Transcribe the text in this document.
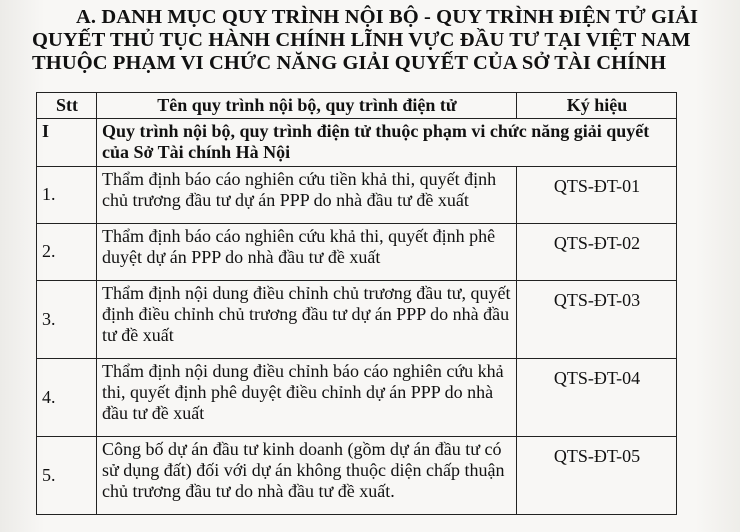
A. DANH MỤC QUY TRÌNH NỘI BỘ - QUY TRÌNH ĐIỆN TỬ GIẢI
QUYẾT THỦ TỤC HÀNH CHÍNH LĨNH VỰC ĐẦU TƯ TẠI VIỆT NAM
THUỘC PHẠM VI CHỨC NĂNG GIẢI QUYẾT CỦA SỞ TÀI CHÍNH
Stt	Tên quy trình nội bộ, quy trình điện tử	Ký hiệu
I	Quy trình nội bộ, quy trình điện tử thuộc phạm vi chức năng giải quyết của Sở Tài chính Hà Nội	
1.	Thẩm định báo cáo nghiên cứu tiền khả thi, quyết định chủ trương đầu tư dự án PPP do nhà đầu tư đề xuất	QTS-ĐT-01
2.	Thẩm định báo cáo nghiên cứu khả thi, quyết định phê duyệt dự án PPP do nhà đầu tư đề xuất	QTS-ĐT-02
3.	Thẩm định nội dung điều chỉnh chủ trương đầu tư, quyết định điều chỉnh chủ trương đầu tư dự án PPP do nhà đầu tư đề xuất	QTS-ĐT-03
4.	Thẩm định nội dung điều chỉnh báo cáo nghiên cứu khả thi, quyết định phê duyệt điều chỉnh dự án PPP do nhà đầu tư đề xuất	QTS-ĐT-04
5.	Công bố dự án đầu tư kinh doanh (gồm dự án đầu tư có sử dụng đất) đối với dự án không thuộc diện chấp thuận chủ trương đầu tư do nhà đầu tư đề xuất.	QTS-ĐT-05
